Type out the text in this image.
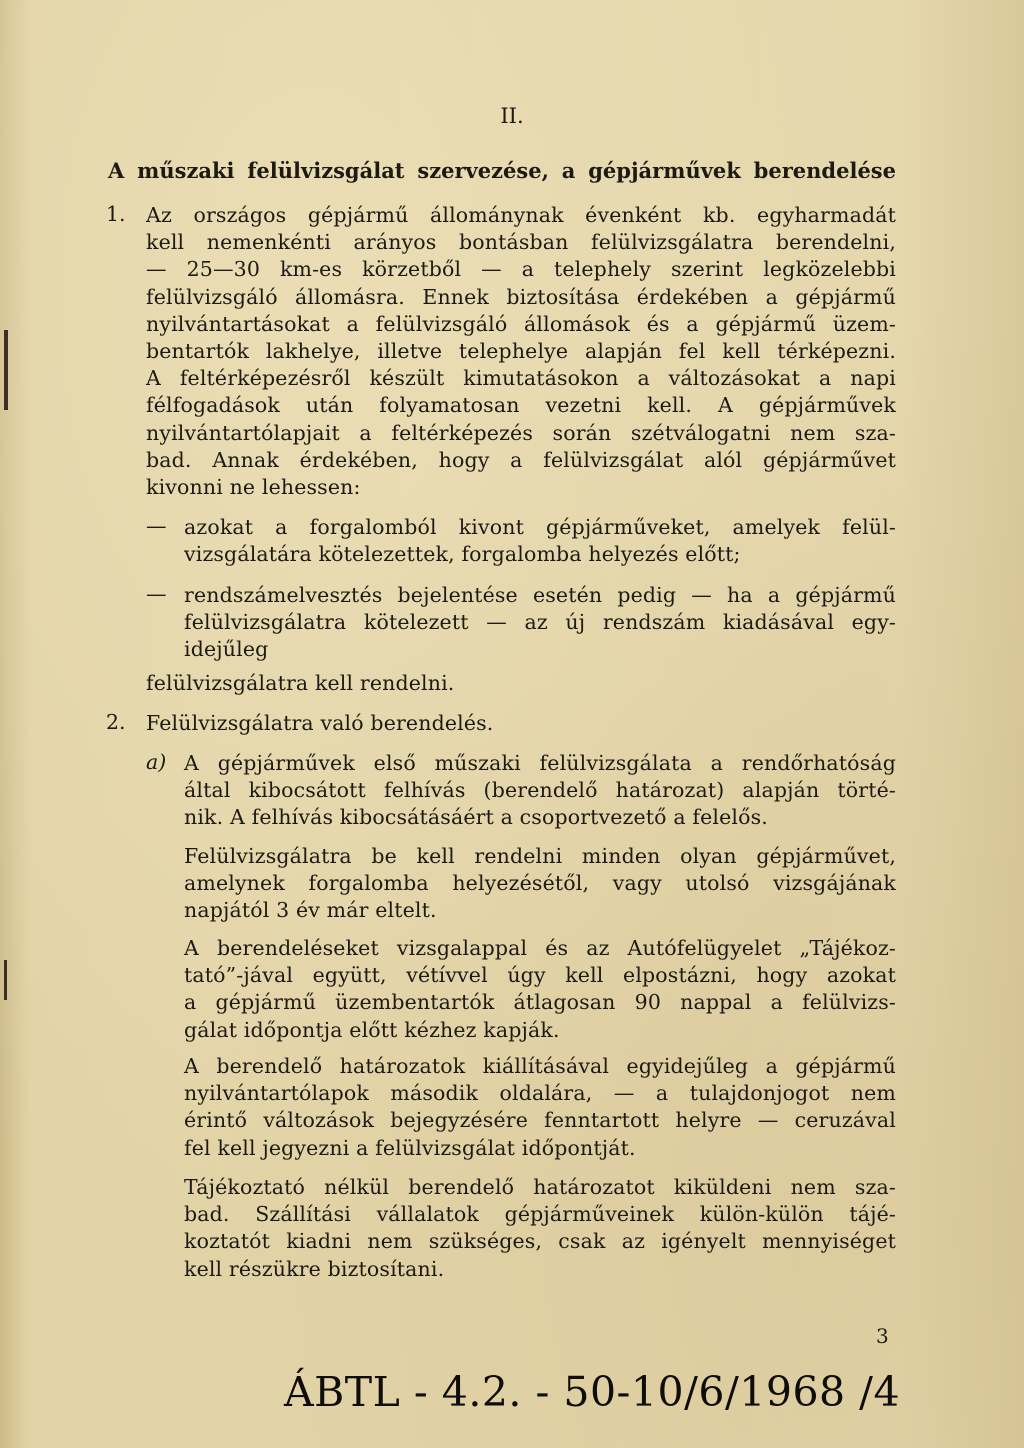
II.
A műszaki felülvizsgálat szervezése, a gépjárművek berendelése
1. Az országos gépjármű állománynak évenként kb. egyharmadát
kell nemenkénti arányos bontásban felülvizsgálatra berendelni,
— 25—30 km-es körzetből — a telephely szerint legközelebbi
felülvizsgáló állomásra. Ennek biztosítása érdekében a gépjármű
nyilvántartásokat a felülvizsgáló állomások és a gépjármű üzem-
bentartók lakhelye, illetve telephelye alapján fel kell térképezni.
A feltérképezésről készült kimutatásokon a változásokat a napi
félfogadások után folyamatosan vezetni kell. A gépjárművek
nyilvántartólapjait a feltérképezés során szétválogatni nem sza-
bad. Annak érdekében, hogy a felülvizsgálat alól gépjárművet
kivonni ne lehessen:
— azokat a forgalomból kivont gépjárműveket, amelyek felül-
vizsgálatára kötelezettek, forgalomba helyezés előtt;
— rendszámelvesztés bejelentése esetén pedig — ha a gépjármű
felülvizsgálatra kötelezett — az új rendszám kiadásával egy-
idejűleg
felülvizsgálatra kell rendelni.
2. Felülvizsgálatra való berendelés.
a) A gépjárművek első műszaki felülvizsgálata a rendőrhatóság
által kibocsátott felhívás (berendelő határozat) alapján törté-
nik. A felhívás kibocsátásáért a csoportvezető a felelős.
Felülvizsgálatra be kell rendelni minden olyan gépjárművet,
amelynek forgalomba helyezésétől, vagy utolsó vizsgájának
napjától 3 év már eltelt.
A berendeléseket vizsgalappal és az Autófelügyelet „Tájékoz-
tató”-jával együtt, vétívvel úgy kell elpostázni, hogy azokat
a gépjármű üzembentartók átlagosan 90 nappal a felülvizs-
gálat időpontja előtt kézhez kapják.
A berendelő határozatok kiállításával egyidejűleg a gépjármű
nyilvántartólapok második oldalára, — a tulajdonjogot nem
érintő változások bejegyzésére fenntartott helyre — ceruzával
fel kell jegyezni a felülvizsgálat időpontját.
Tájékoztató nélkül berendelő határozatot kiküldeni nem sza-
bad. Szállítási vállalatok gépjárműveinek külön-külön tájé-
koztatót kiadni nem szükséges, csak az igényelt mennyiséget
kell részükre biztosítani.
3
ÁBTL - 4.2. - 50-10/6/1968 /4
